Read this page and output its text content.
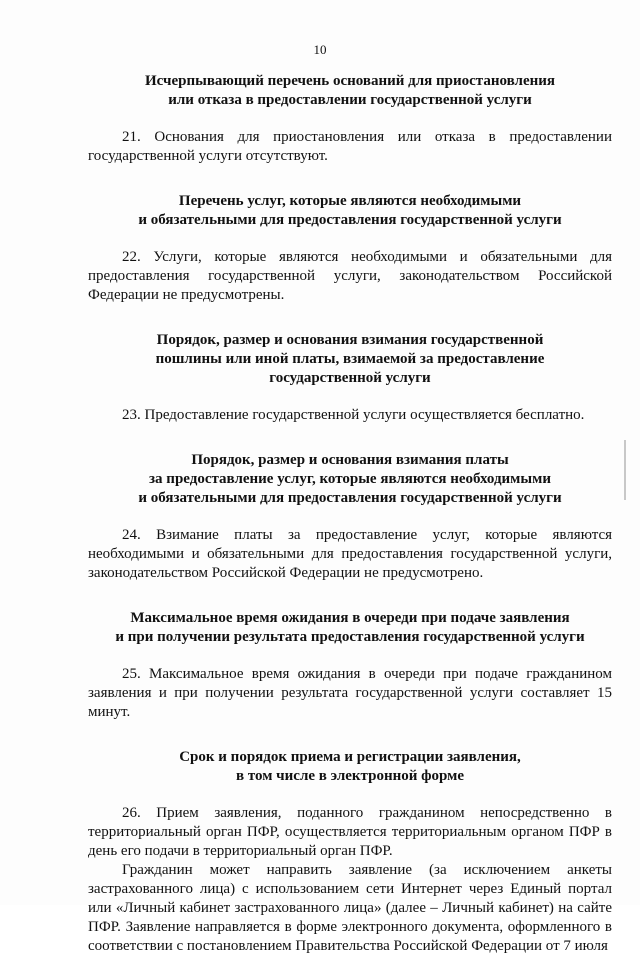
10
Исчерпывающий перечень оснований для приостановления
или отказа в предоставлении государственной услуги

21. Основания для приостановления или отказа в предоставлении государственной услуги отсутствуют.

Перечень услуг, которые являются необходимыми
и обязательными для предоставления государственной услуги

22. Услуги, которые являются необходимыми и обязательными для предоставления государственной услуги, законодательством Российской Федерации не предусмотрены.

Порядок, размер и основания взимания государственной
пошлины или иной платы, взимаемой за предоставление
государственной услуги

23. Предоставление государственной услуги осуществляется бесплатно.

Порядок, размер и основания взимания платы
за предоставление услуг, которые являются необходимыми
и обязательными для предоставления государственной услуги

24. Взимание платы за предоставление услуг, которые являются необходимыми и обязательными для предоставления государственной услуги, законодательством Российской Федерации не предусмотрено.

Максимальное время ожидания в очереди при подаче заявления
и при получении результата предоставления государственной услуги

25. Максимальное время ожидания в очереди при подаче гражданином заявления и при получении результата государственной услуги составляет 15 минут.

Срок и порядок приема и регистрации заявления,
в том числе в электронной форме

26. Прием заявления, поданного гражданином непосредственно в территориальный орган ПФР, осуществляется территориальным органом ПФР в день его подачи в территориальный орган ПФР.

Гражданин может направить заявление (за исключением анкеты застрахованного лица) с использованием сети Интернет через Единый портал или «Личный кабинет застрахованного лица» (далее – Личный кабинет) на сайте ПФР. Заявление направляется в форме электронного документа, оформленного в соответствии с постановлением Правительства Российской Федерации от 7 июля
